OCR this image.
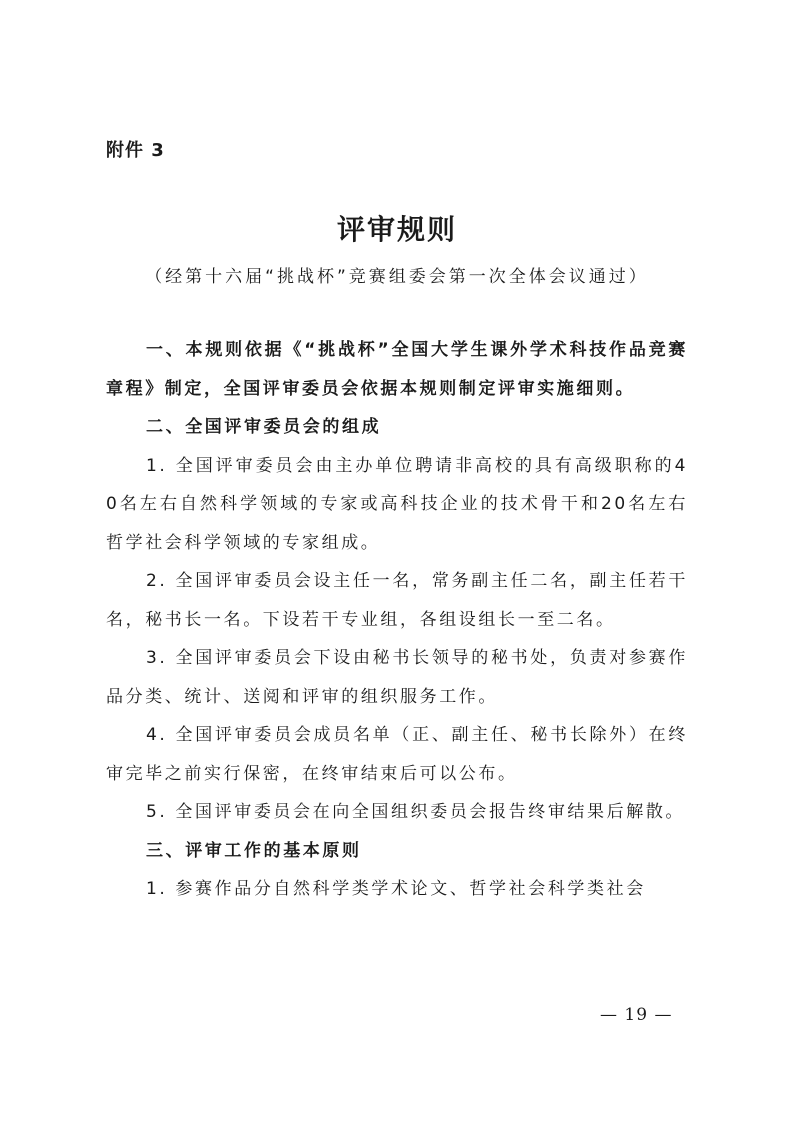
附件 3
评审规则
（经第十六届“挑战杯”竞赛组委会第一次全体会议通过）

一、本规则依据《“挑战杯”全国大学生课外学术科技作品竞赛章程》制定，全国评审委员会依据本规则制定评审实施细则。

二、全国评审委员会的组成

1. 全国评审委员会由主办单位聘请非高校的具有高级职称的40名左右自然科学领域的专家或高科技企业的技术骨干和20名左右哲学社会科学领域的专家组成。

2. 全国评审委员会设主任一名，常务副主任二名，副主任若干名，秘书长一名。下设若干专业组，各组设组长一至二名。

3. 全国评审委员会下设由秘书长领导的秘书处，负责对参赛作品分类、统计、送阅和评审的组织服务工作。

4. 全国评审委员会成员名单（正、副主任、秘书长除外）在终审完毕之前实行保密，在终审结束后可以公布。

5. 全国评审委员会在向全国组织委员会报告终审结果后解散。

三、评审工作的基本原则

1. 参赛作品分自然科学类学术论文、哲学社会科学类社会

— 19 —
